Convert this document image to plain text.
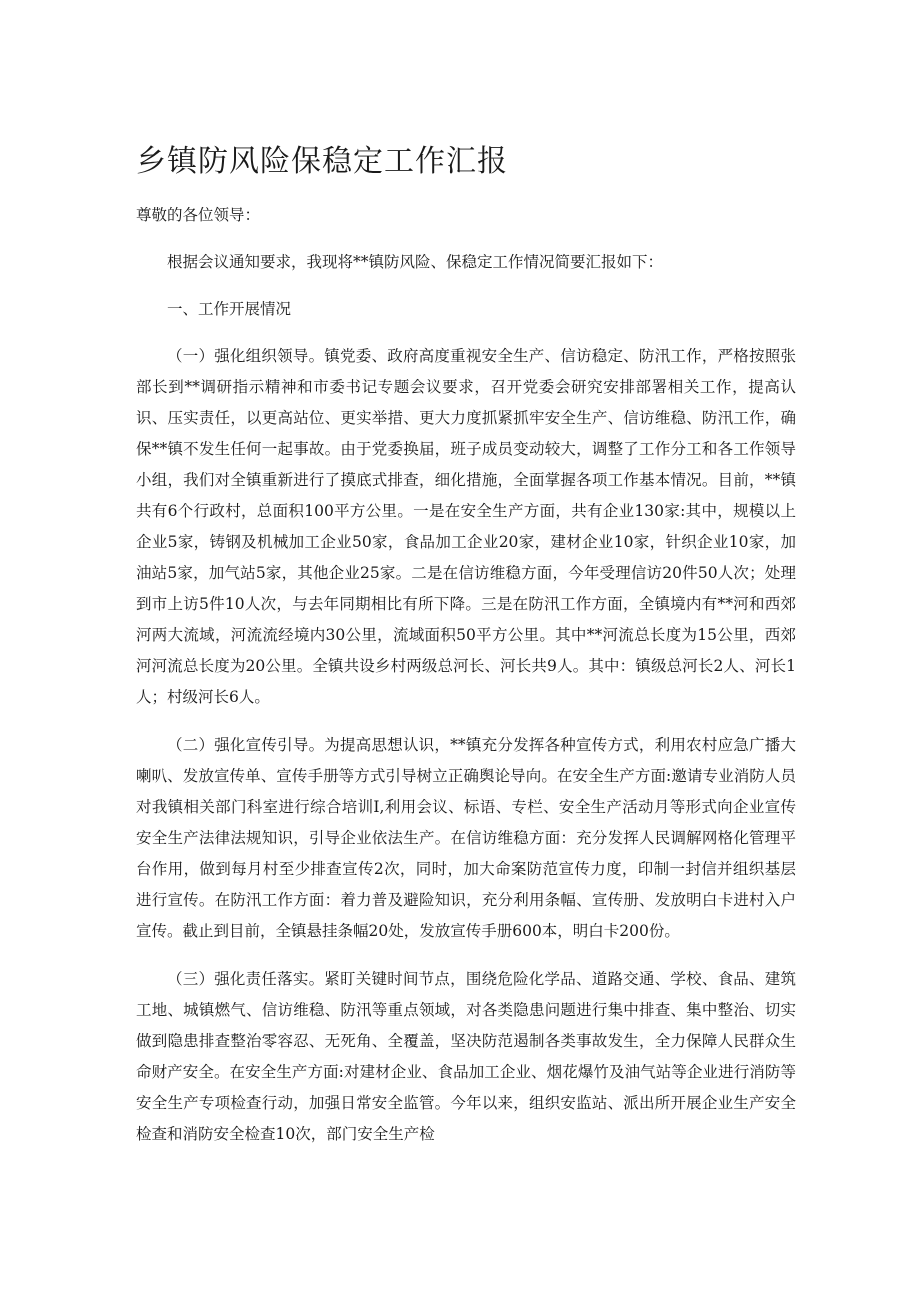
乡镇防风险保稳定工作汇报

尊敬的各位领导：

根据会议通知要求，我现将**镇防风险、保稳定工作情况简要汇报如下：

一、工作开展情况

（一）强化组织领导。镇党委、政府高度重视安全生产、信访稳定、防汛工作，严格按照张部长到**调研指示精神和市委书记专题会议要求，召开党委会研究安排部署相关工作，提高认识、压实责任，以更高站位、更实举措、更大力度抓紧抓牢安全生产、信访维稳、防汛工作，确保**镇不发生任何一起事故。由于党委换届，班子成员变动较大，调整了工作分工和各工作领导小组，我们对全镇重新进行了摸底式排查，细化措施，全面掌握各项工作基本情况。目前，**镇共有6个行政村，总面积100平方公里。一是在安全生产方面，共有企业130家:其中，规模以上企业5家，铸钢及机械加工企业50家，食品加工企业20家，建材企业10家，针织企业10家，加油站5家，加气站5家，其他企业25家。二是在信访维稳方面，今年受理信访20件50人次；处理到市上访5件10人次，与去年同期相比有所下降。三是在防汛工作方面，全镇境内有**河和西郊河两大流域，河流流经境内30公里，流域面积50平方公里。其中**河流总长度为15公里，西郊河河流总长度为20公里。全镇共设乡村两级总河长、河长共9人。其中：镇级总河长2人、河长1人；村级河长6人。

（二）强化宣传引导。为提高思想认识，**镇充分发挥各种宣传方式，利用农村应急广播大喇叭、发放宣传单、宣传手册等方式引导树立正确舆论导向。在安全生产方面:邀请专业消防人员对我镇相关部门科室进行综合培训I,利用会议、标语、专栏、安全生产活动月等形式向企业宣传安全生产法律法规知识，引导企业依法生产。在信访维稳方面：充分发挥人民调解网格化管理平台作用，做到每月村至少排查宣传2次，同时，加大命案防范宣传力度，印制一封信并组织基层进行宣传。在防汛工作方面：着力普及避险知识，充分利用条幅、宣传册、发放明白卡进村入户宣传。截止到目前，全镇悬挂条幅20处，发放宣传手册600本，明白卡200份。

（三）强化责任落实。紧盯关键时间节点，围绕危险化学品、道路交通、学校、食品、建筑工地、城镇燃气、信访维稳、防汛等重点领域，对各类隐患问题进行集中排查、集中整治、切实做到隐患排查整治零容忍、无死角、全覆盖，坚决防范遏制各类事故发生，全力保障人民群众生命财产安全。在安全生产方面:对建材企业、食品加工企业、烟花爆竹及油气站等企业进行消防等安全生产专项检查行动，加强日常安全监管。今年以来，组织安监站、派出所开展企业生产安全检查和消防安全检查10次，部门安全生产检
